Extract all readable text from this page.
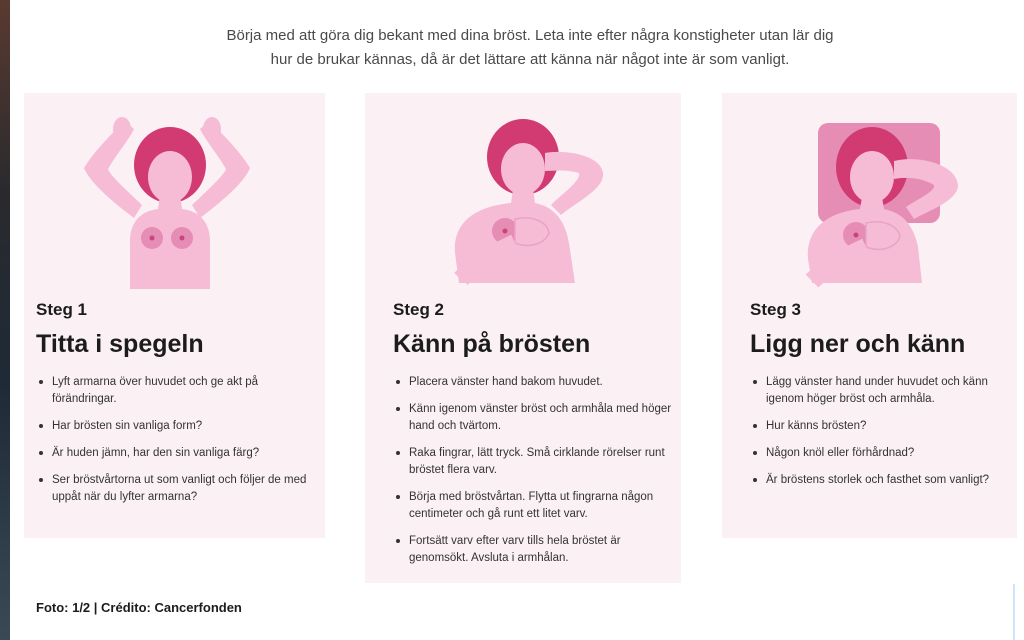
Börja med att göra dig bekant med dina bröst. Leta inte efter några konstigheter utan lär dig
hur de brukar kännas, då är det lättare att känna när något inte är som vanligt.
Steg 1
Titta i spegeln
Lyft armarna över huvudet och ge akt på förändringar.
Har brösten sin vanliga form?
Är huden jämn, har den sin vanliga färg?
Ser bröstvårtorna ut som vanligt och följer de med uppåt när du lyfter armarna?
Steg 2
Känn på brösten
Placera vänster hand bakom huvudet.
Känn igenom vänster bröst och armhåla med höger hand och tvärtom.
Raka fingrar, lätt tryck. Små cirklande rörelser runt bröstet flera varv.
Börja med bröstvårtan. Flytta ut fingrarna någon centimeter och gå runt ett litet varv.
Fortsätt varv efter varv tills hela bröstet är genomsökt. Avsluta i armhålan.
Steg 3
Ligg ner och känn
Lägg vänster hand under huvudet och känn igenom höger bröst och armhåla.
Hur känns brösten?
Någon knöl eller förhårdnad?
Är bröstens storlek och fasthet som vanligt?
Foto: 1/2 | Crédito: Cancerfonden
